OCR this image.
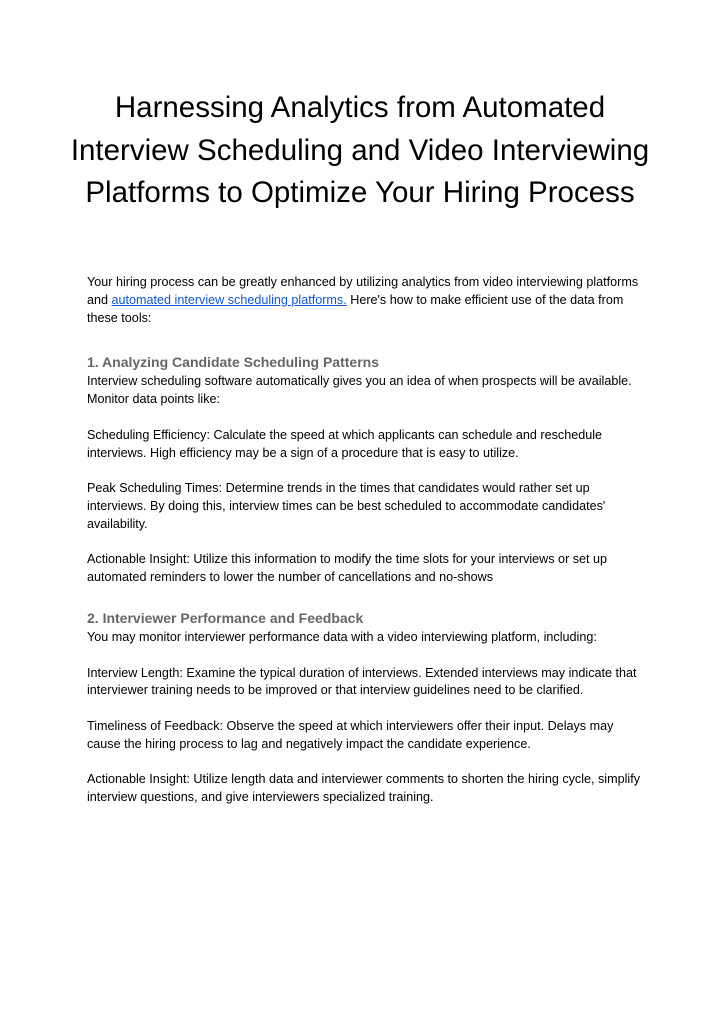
Harnessing Analytics from Automated Interview Scheduling and Video Interviewing Platforms to Optimize Your Hiring Process

Your hiring process can be greatly enhanced by utilizing analytics from video interviewing platforms and automated interview scheduling platforms. Here's how to make efficient use of the data from these tools:

1. Analyzing Candidate Scheduling Patterns

Interview scheduling software automatically gives you an idea of when prospects will be available. Monitor data points like:

Scheduling Efficiency: Calculate the speed at which applicants can schedule and reschedule interviews. High efficiency may be a sign of a procedure that is easy to utilize.

Peak Scheduling Times: Determine trends in the times that candidates would rather set up interviews. By doing this, interview times can be best scheduled to accommodate candidates' availability.

Actionable Insight: Utilize this information to modify the time slots for your interviews or set up automated reminders to lower the number of cancellations and no-shows

2. Interviewer Performance and Feedback

You may monitor interviewer performance data with a video interviewing platform, including:

Interview Length: Examine the typical duration of interviews. Extended interviews may indicate that interviewer training needs to be improved or that interview guidelines need to be clarified.

Timeliness of Feedback: Observe the speed at which interviewers offer their input. Delays may cause the hiring process to lag and negatively impact the candidate experience.

Actionable Insight: Utilize length data and interviewer comments to shorten the hiring cycle, simplify interview questions, and give interviewers specialized training.
